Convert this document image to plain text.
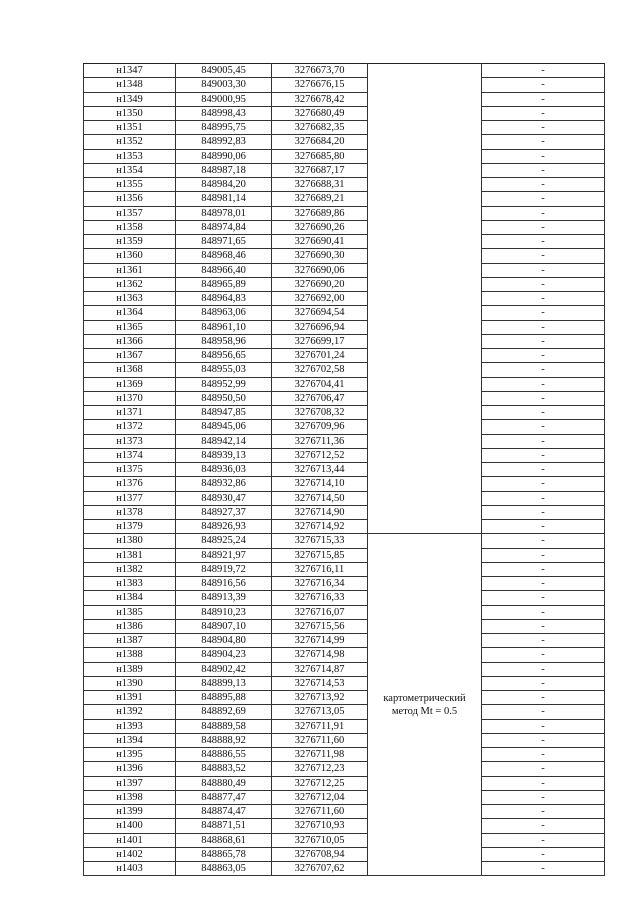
н1347	849005,45	3276673,70		-
н1348	849003,30	3276676,15		-
н1349	849000,95	3276678,42		-
н1350	848998,43	3276680,49		-
н1351	848995,75	3276682,35		-
н1352	848992,83	3276684,20		-
н1353	848990,06	3276685,80		-
н1354	848987,18	3276687,17		-
н1355	848984,20	3276688,31		-
н1356	848981,14	3276689,21		-
н1357	848978,01	3276689,86		-
н1358	848974,84	3276690,26		-
н1359	848971,65	3276690,41		-
н1360	848968,46	3276690,30		-
н1361	848966,40	3276690,06		-
н1362	848965,89	3276690,20		-
н1363	848964,83	3276692,00		-
н1364	848963,06	3276694,54		-
н1365	848961,10	3276696,94		-
н1366	848958,96	3276699,17		-
н1367	848956,65	3276701,24		-
н1368	848955,03	3276702,58		-
н1369	848952,99	3276704,41		-
н1370	848950,50	3276706,47		-
н1371	848947,85	3276708,32		-
н1372	848945,06	3276709,96		-
н1373	848942,14	3276711,36		-
н1374	848939,13	3276712,52		-
н1375	848936,03	3276713,44		-
н1376	848932,86	3276714,10		-
н1377	848930,47	3276714,50		-
н1378	848927,37	3276714,90		-
н1379	848926,93	3276714,92		-
н1380	848925,24	3276715,33	картометрический
метод Mt = 0.5	-
н1381	848921,97	3276715,85		-
н1382	848919,72	3276716,11		-
н1383	848916,56	3276716,34		-
н1384	848913,39	3276716,33		-
н1385	848910,23	3276716,07		-
н1386	848907,10	3276715,56		-
н1387	848904,80	3276714,99		-
н1388	848904,23	3276714,98		-
н1389	848902,42	3276714,87		-
н1390	848899,13	3276714,53		-
н1391	848895,88	3276713,92		-
н1392	848892,69	3276713,05		-
н1393	848889,58	3276711,91		-
н1394	848888,92	3276711,60		-
н1395	848886,55	3276711,98		-
н1396	848883,52	3276712,23		-
н1397	848880,49	3276712,25		-
н1398	848877,47	3276712,04		-
н1399	848874,47	3276711,60		-
н1400	848871,51	3276710,93		-
н1401	848868,61	3276710,05		-
н1402	848865,78	3276708,94		-
н1403	848863,05	3276707,62		-
